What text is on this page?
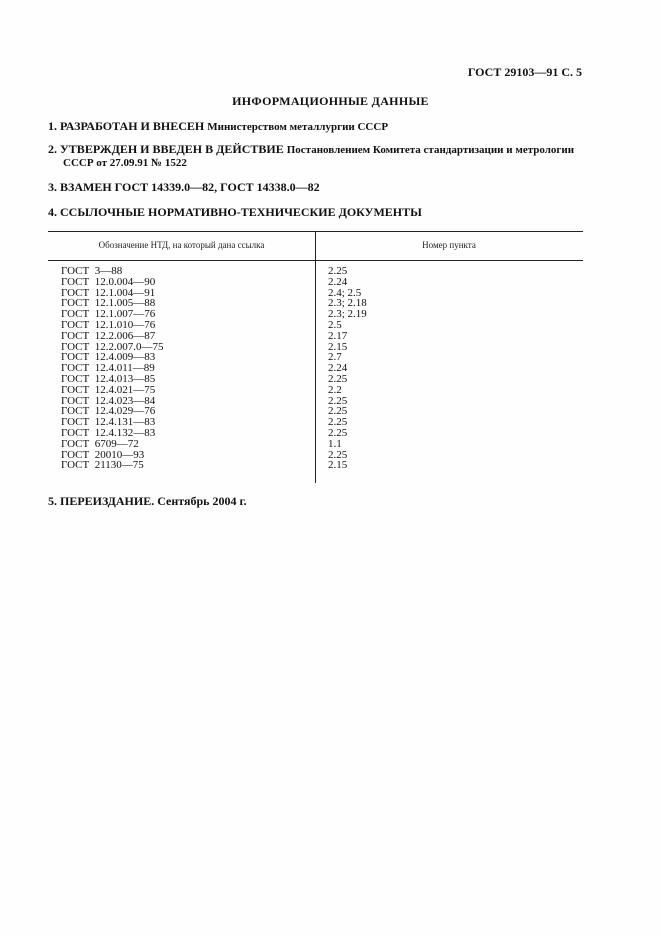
ГОСТ 29103—91 С. 5
ИНФОРМАЦИОННЫЕ ДАННЫЕ
1. РАЗРАБОТАН И ВНЕСЕН Министерством металлургии СССР
2. УТВЕРЖДЕН И ВВЕДЕН В ДЕЙСТВИЕ Постановлением Комитета стандартизации и метрологии
СССР от 27.09.91 № 1522
3. ВЗАМЕН ГОСТ 14339.0—82, ГОСТ 14338.0—82
4. ССЫЛОЧНЫЕ НОРМАТИВНО-ТЕХНИЧЕСКИЕ ДОКУМЕНТЫ
Обозначение НТД, на который дана ссылка	Номер пункта
ГОСТ  3—88
ГОСТ  12.0.004—90
ГОСТ  12.1.004—91
ГОСТ  12.1.005—88
ГОСТ  12.1.007—76
ГОСТ  12.1.010—76
ГОСТ  12.2.006—87
ГОСТ  12.2.007.0—75
ГОСТ  12.4.009—83
ГОСТ  12.4.011—89
ГОСТ  12.4.013—85
ГОСТ  12.4.021—75
ГОСТ  12.4.023—84
ГОСТ  12.4.029—76
ГОСТ  12.4.131—83
ГОСТ  12.4.132—83
ГОСТ  6709—72
ГОСТ  20010—93
ГОСТ  21130—75
2.25
2.24
2.4; 2.5
2.3; 2.18
2.3; 2.19
2.5
2.17
2.15
2.7
2.24
2.25
2.2
2.25
2.25
2.25
2.25
1.1
2.25
2.15
5. ПЕРЕИЗДАНИЕ. Сентябрь 2004 г.
